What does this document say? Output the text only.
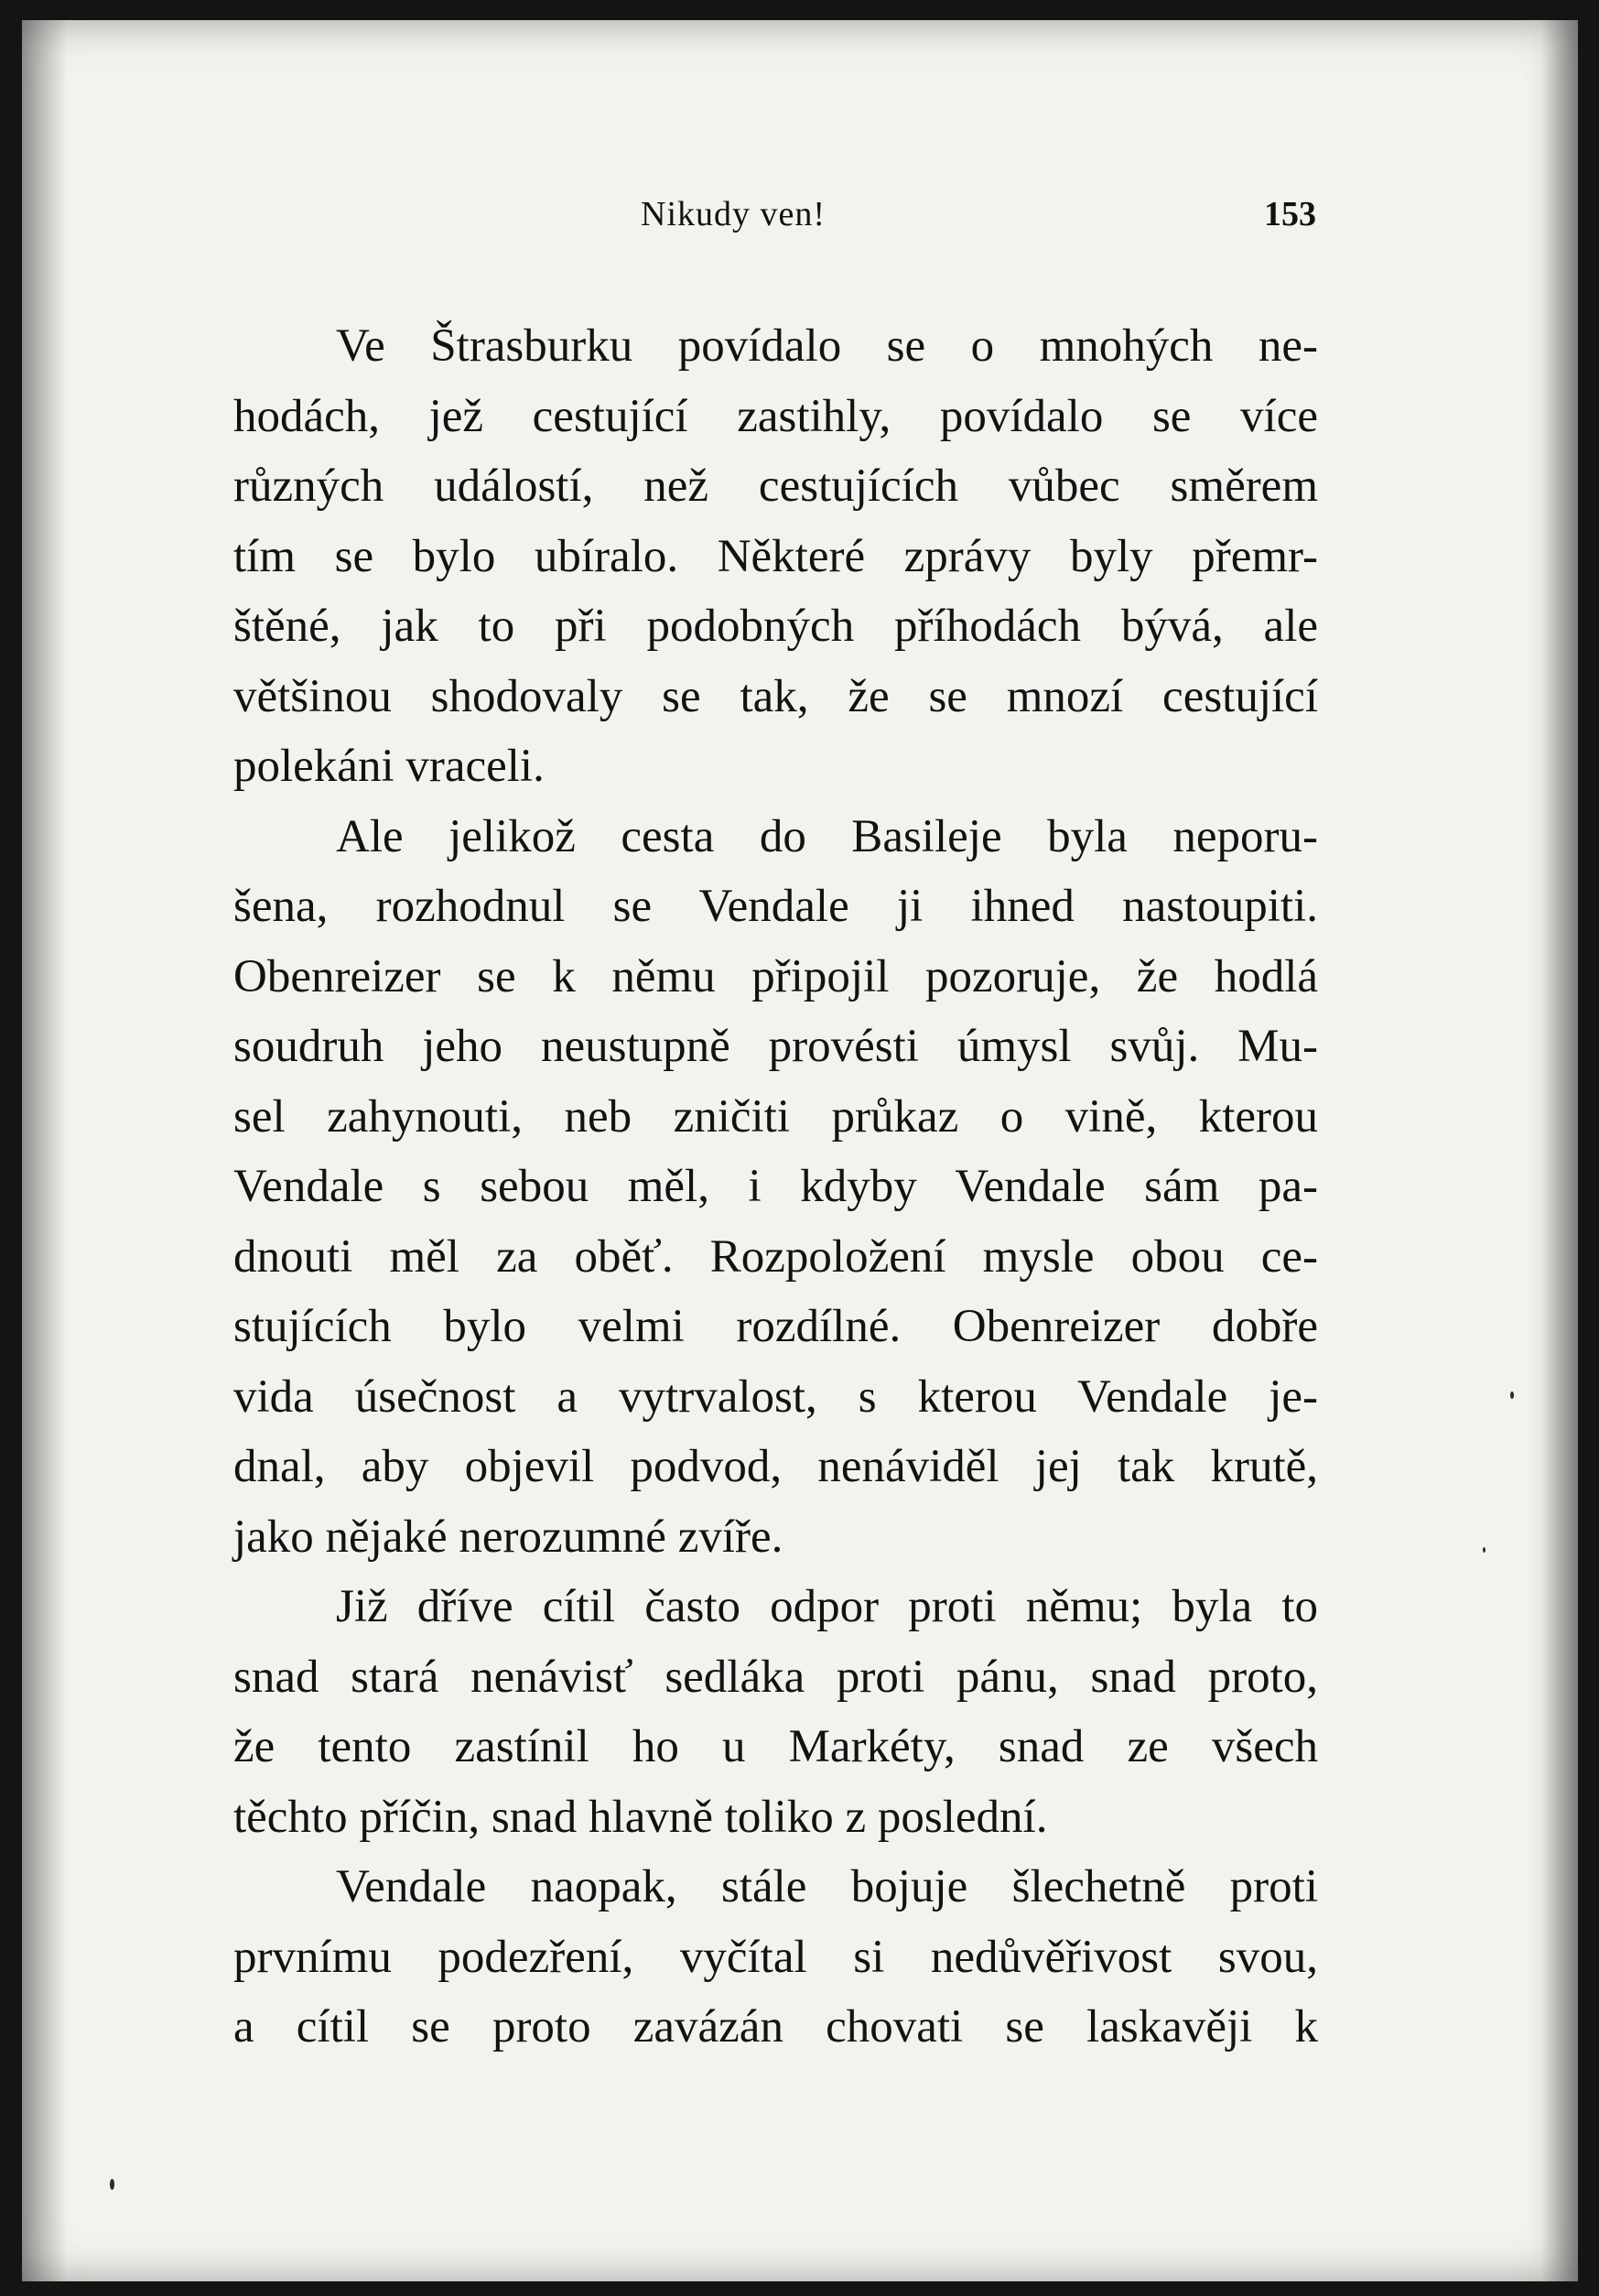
Nikudy ven!	153
Ve Štrasburku povídalo se o mnohých ne-
hodách, jež cestující zastihly, povídalo se více
různých událostí, než cestujících vůbec směrem
tím se bylo ubíralo. Některé zprávy byly přemr-
štěné, jak to při podobných příhodách bývá, ale
většinou shodovaly se tak, že se mnozí cestující
polekáni vraceli.
Ale jelikož cesta do Basileje byla neporu-
šena, rozhodnul se Vendale ji ihned nastoupiti.
Obenreizer se k němu připojil pozoruje, že hodlá
soudruh jeho neustupně provésti úmysl svůj. Mu-
sel zahynouti, neb zničiti průkaz o vině, kterou
Vendale s sebou měl, i kdyby Vendale sám pa-
dnouti měl za oběť. Rozpoložení mysle obou ce-
stujících bylo velmi rozdílné. Obenreizer dobře
vida úsečnost a vytrvalost, s kterou Vendale je-
dnal, aby objevil podvod, nenáviděl jej tak krutě,
jako nějaké nerozumné zvíře.
Již dříve cítil často odpor proti němu; byla to
snad stará nenávisť sedláka proti pánu, snad proto,
že tento zastínil ho u Markéty, snad ze všech
těchto příčin, snad hlavně toliko z poslední.
Vendale naopak, stále bojuje šlechetně proti
prvnímu podezření, vyčítal si nedůvěřivost svou,
a cítil se proto zavázán chovati se laskavěji k
